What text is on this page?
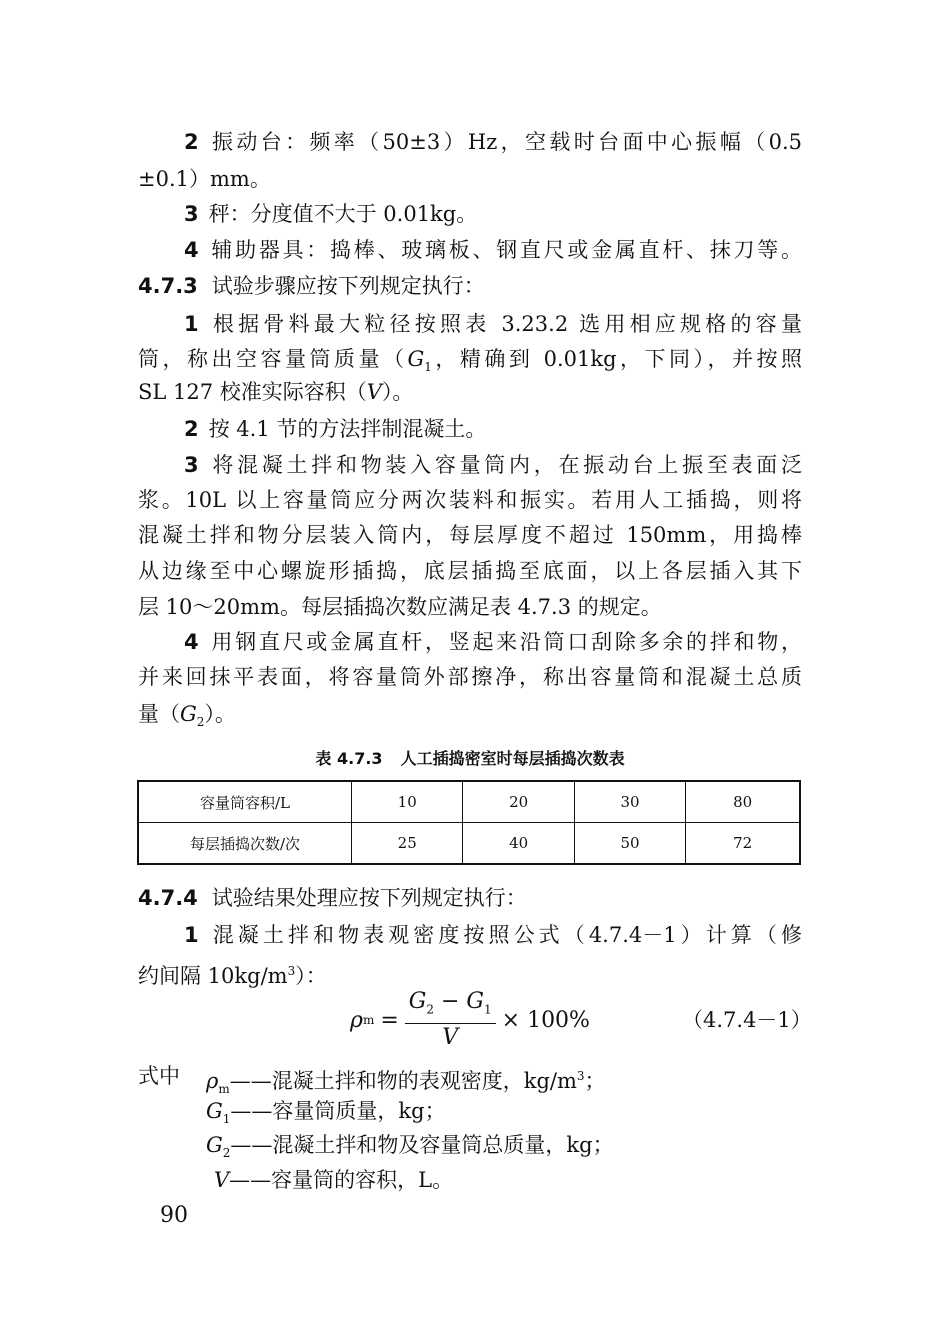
2 振动台：频率（50±3）Hz，空载时台面中心振幅（0.5
±0.1）mm。
3 秤：分度值不大于 0.01kg。
4 辅助器具：捣棒、玻璃板、钢直尺或金属直杆、抹刀等。
4.7.3 试验步骤应按下列规定执行：
1 根据骨料最大粒径按照表 3.23.2 选用相应规格的容量
筒，称出空容量筒质量（$G_1$，精确到 0.01kg，下同），并按照
SL 127 校准实际容积（V）。
2 按 4.1 节的方法拌制混凝土。
3 将混凝土拌和物装入容量筒内，在振动台上振至表面泛
浆。10L 以上容量筒应分两次装料和振实。若用人工插捣，则将
混凝土拌和物分层装入筒内，每层厚度不超过 150mm，用捣棒
从边缘至中心螺旋形插捣，底层插捣至底面，以上各层插入其下
层 10～20mm。每层插捣次数应满足表 4.7.3 的规定。
4 用钢直尺或金属直杆，竖起来沿筒口刮除多余的拌和物，
并来回抹平表面，将容量筒外部擦净，称出容量筒和混凝土总质
量$(G_2)$。
表 4.7.3 人工插捣密室时每层插捣次数表
容量筒容积/L	10	20	30	80
每层插捣次数/次	25	40	50	72
4.7.4 试验结果处理应按下列规定执行：
1 混凝土拌和物表观密度按照公式（4.7.4－1）计算（修
约间隔 $10kg/m^3$）：
ρ $m = \frac{G_2 - G_1}{V} \times 100\%$	（4.7.4－1）
式中 $\rho_m——$混凝土拌和物的表观密度，$kg/m^3$；
$G_1——$容量筒质量，kg；
$G_2——$混凝土拌和物及容量筒总质量，kg；
V——容量筒的容积，L。
90
